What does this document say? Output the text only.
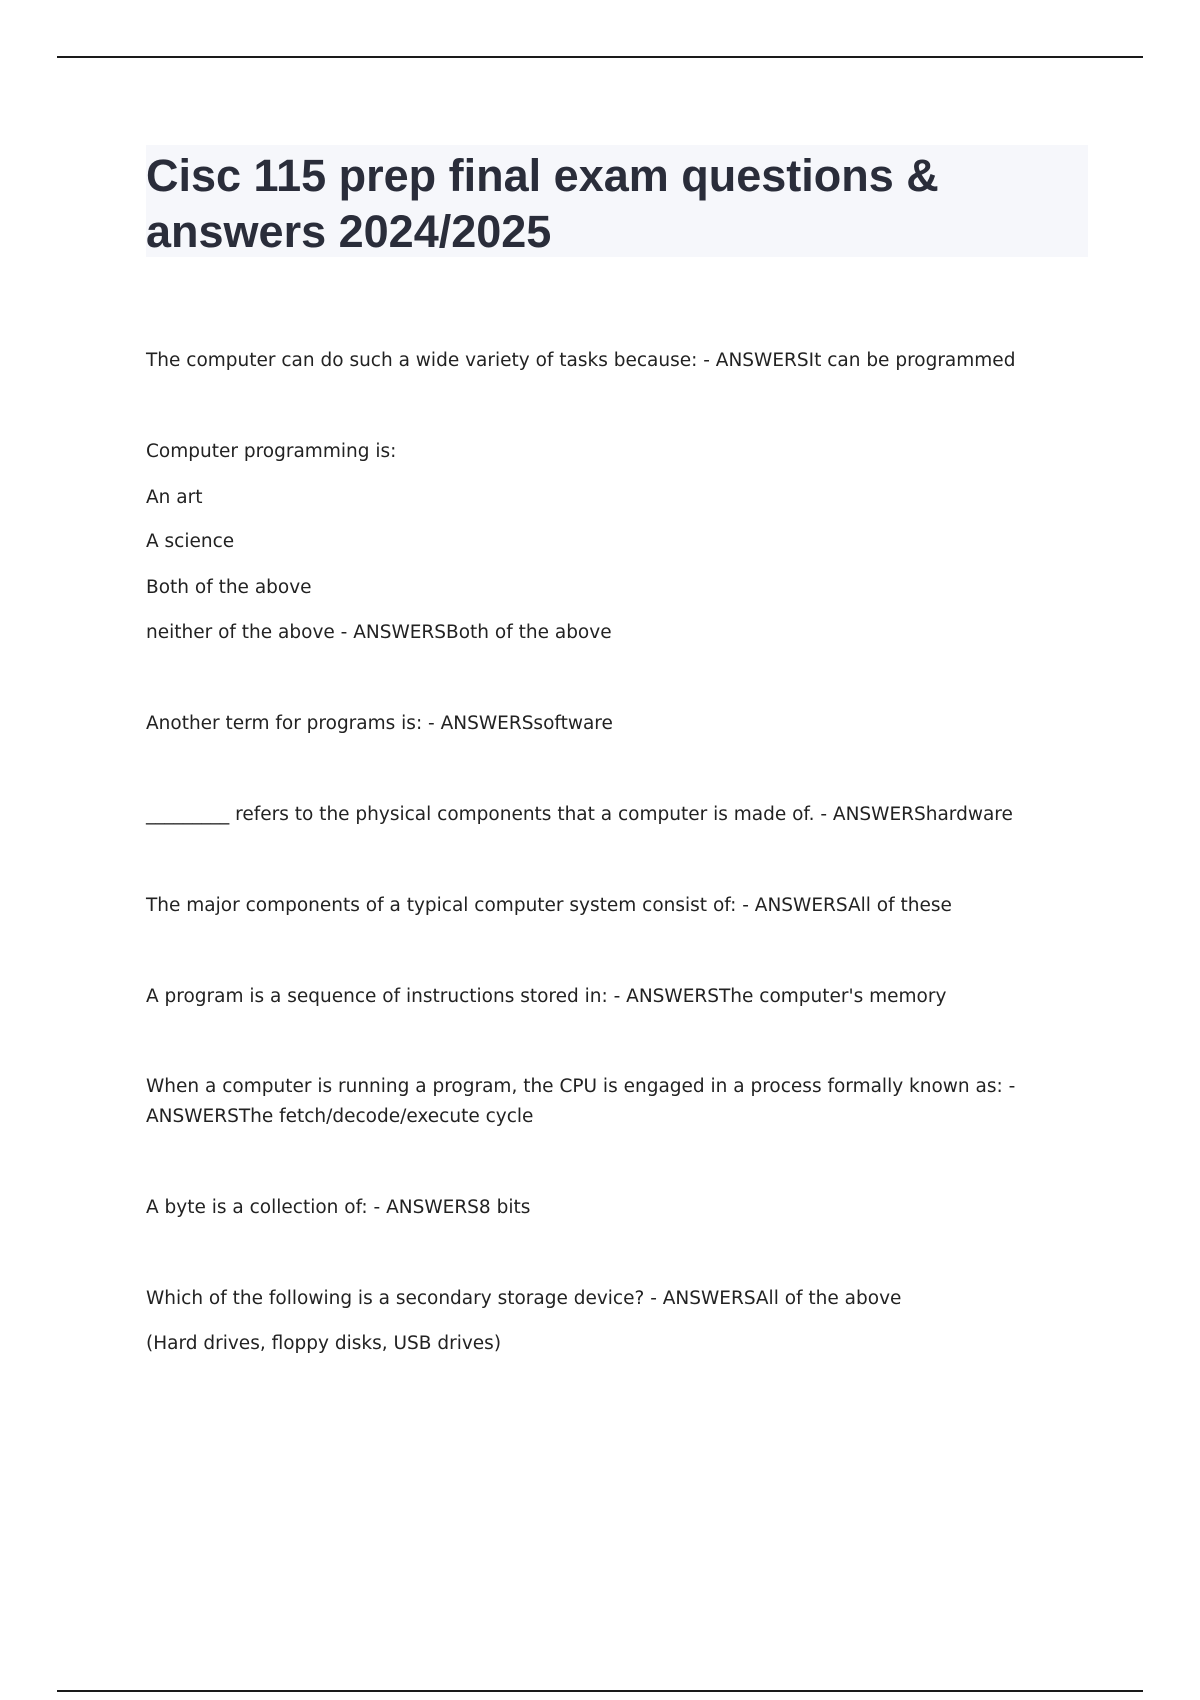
Cisc 115 prep final exam questions & answers 2024/2025
The computer can do such a wide variety of tasks because: - ANSWERSIt can be programmed
Computer programming is:
An art
A science
Both of the above
neither of the above - ANSWERSBoth of the above
Another term for programs is: - ANSWERSsoftware
_________ refers to the physical components that a computer is made of. - ANSWERShardware
The major components of a typical computer system consist of: - ANSWERSAll of these
A program is a sequence of instructions stored in: - ANSWERSThe computer's memory
When a computer is running a program, the CPU is engaged in a process formally known as: -
ANSWERSThe fetch/decode/execute cycle
A byte is a collection of: - ANSWERS8 bits
Which of the following is a secondary storage device? - ANSWERSAll of the above
(Hard drives, floppy disks, USB drives)
